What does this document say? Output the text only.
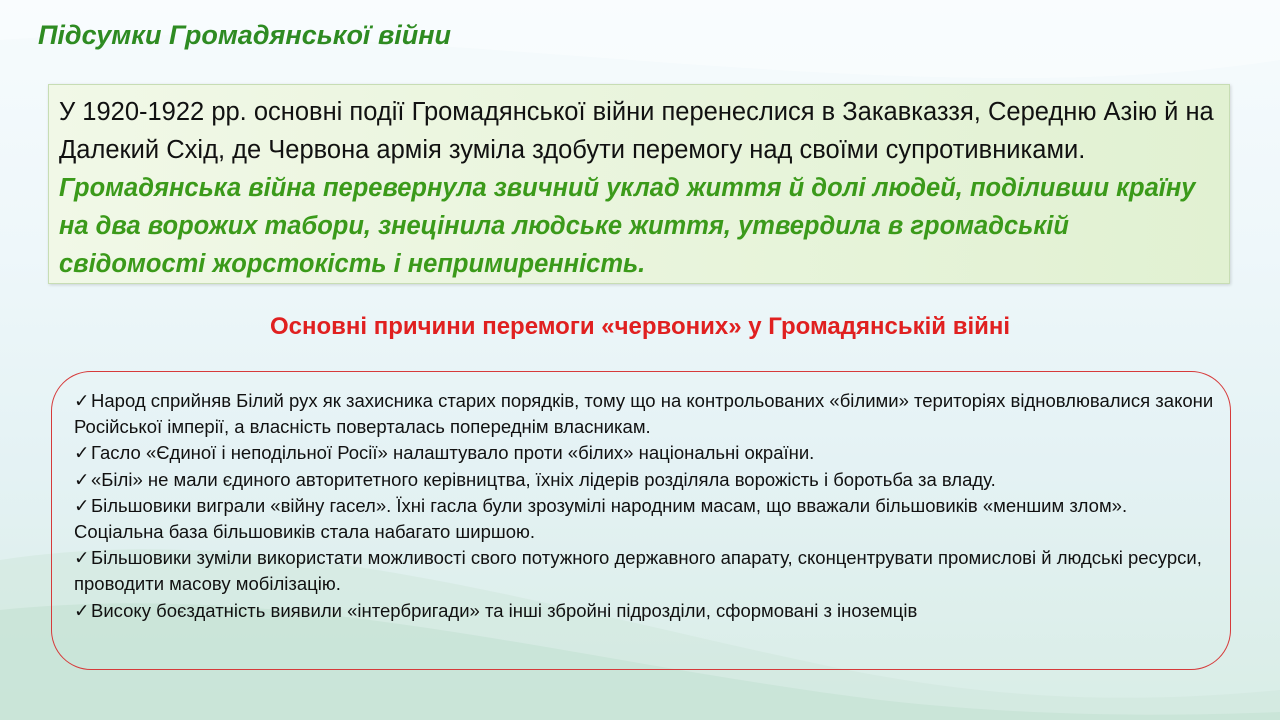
Підсумки Громадянської війни
У 1920-1922 рр. основні події Громадянської війни перенеслися в Закавказзя, Середню Азію й на Далекий Схід, де Червона армія зуміла здобути перемогу над своїми супротивниками. Громадянська війна перевернула звичний уклад життя й долі людей, поділивши країну на два ворожих табори, знецінила людське життя, утвердила в громадській свідомості жорстокість і непримиренність.
Основні причини перемоги «червоних» у Громадянській війні
✓Народ сприйняв Білий рух як захисника старих порядків, тому що на контрольованих «білими» територіях відновлювалися закони Російської імперії, а власність поверталась попереднім власникам.
✓Гасло «Єдиної і неподільної Росії» налаштувало проти «білих» національні окраїни.
✓«Білі» не мали єдиного авторитетного керівництва, їхніх лідерів розділяла ворожість і боротьба за владу.
✓Більшовики виграли «війну гасел». Їхні гасла були зрозумілі народним масам, що вважали більшовиків «меншим злом». Соціальна база більшовиків стала набагато ширшою.
✓Більшовики зуміли використати можливості свого потужного державного апарату, сконцентрувати промислові й людські ресурси, проводити масову мобілізацію.
✓Високу боєздатність виявили «інтербригади» та інші збройні підрозділи, сформовані з іноземців
